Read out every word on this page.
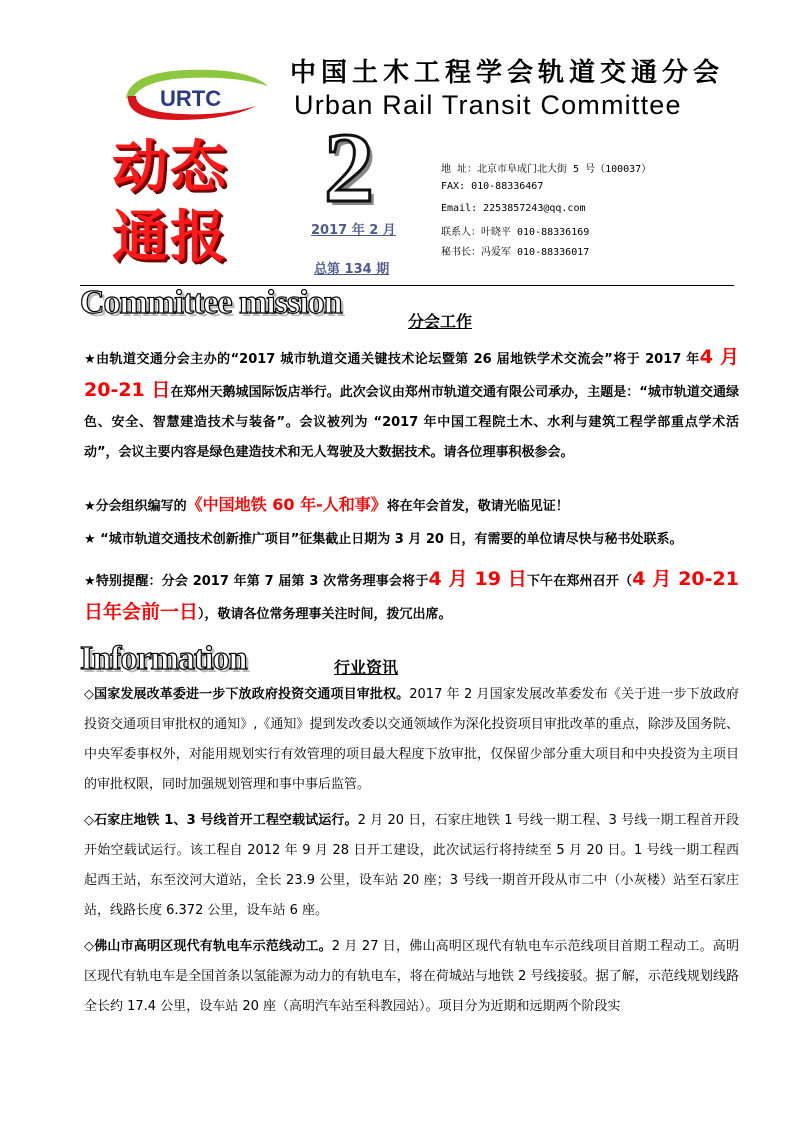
URTC
中国土木工程学会轨道交通分会
Urban Rail Transit Committee
动态
通报
2
2017 年 2 月
总第 134 期
地 址：北京市阜成门北大街 5 号（100037）
FAX: 010-88336467
Email: 22538572​43@qq.com
联系人：叶晓平 010-88336169
秘书长：冯爱军 010-88336017
Committee mission
分会工作
★由轨道交通分会主办的“2017 城市轨道交通关键技术论坛暨第 26 届地铁学术交流会”将于 2017 年4 月 20-21 日在郑州天鹅城国际饭店举行。此次会议由郑州市轨道交通有限公司承办，主题是：“城市轨道交通绿色、安全、智慧建造技术与装备”。会议被列为 “2017 年中国工程院土木、水利与建筑工程学部重点学术活动”，会议主要内容是绿色建造技术和无人驾驶及大数据技术。请各位理事积极参会。
★分会组织编写的《中国地铁 60 年-人和事》将在年会首发，敬请光临见证！
★ “城市轨道交通技术创新推广项目”征集截止日期为 3 月 20 日，有需要的单位请尽快与秘书处联系。
★特别提醒：分会 2017 年第 7 届第 3 次常务理事会将于4 月 19 日下午在郑州召开（4 月 20-21 日年会前一日），敬请各位常务理事关注时间，拨冗出席。
Information	行业资讯
◇国家发展改革委进一步下放政府投资交通项目审批权。2017 年 2 月国家发展改革委发布《关于进一步下放政府投资交通项目审批权的通知》,《通知》提到发改委以交通领域作为深化投资项目审批改革的重点，除涉及国务院、中央军委事权外，对能用规划实行有效管理的项目最大程度下放审批，仅保留少部分重大项目和中央投资为主项目的审批权限，同时加强规划管理和事中事后监管。
◇石家庄地铁 1、3 号线首开工程空载试运行。2 月 20 日，石家庄地铁 1 号线一期工程、3 号线一期工程首开段开始空载试运行。该工程自 2012 年 9 月 28 日开工建设，此次试运行将持续至 5 月 20 日。1 号线一期工程西起西王站，东至洨河大道站，全长 23.9 公里，设车站 20 座；3 号线一期首开段从市二中（小灰楼）站至石家庄站，线路长度 6.372 公里，设车站 6 座。
◇佛山市高明区现代有轨电车示范线动工。2 月 27 日，佛山高明区现代有轨电车示范线项目首期工程动工。高明区现代有轨电车是全国首条以氢能源为动力的有轨电车，将在荷城站与地铁 2 号线接驳。据了解，示范线规划线路全长约 17.4 公里，设车站 20 座（高明汽车站至科教园站）。项目分为近期和远期两个阶段实
